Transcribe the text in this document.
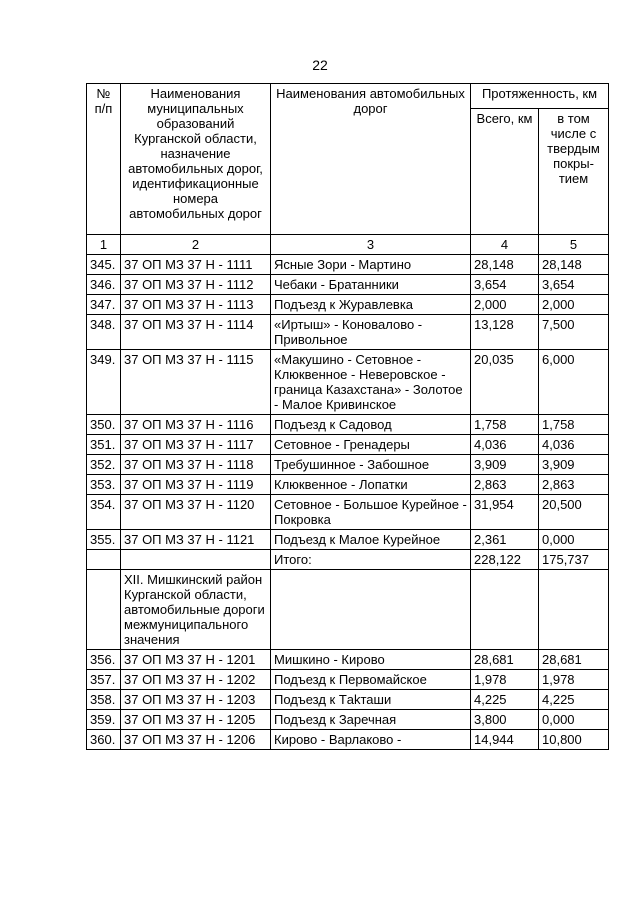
22
№ п/п	Наименования муниципальных образований Курганской области, назначение автомобильных дорог, идентификационные номера автомобильных дорог	Наименования автомобильных дорог	Протяженность, км	
			Всего, км	в том числе с твердым покры-тием
1	2	3	4	5
345.	37 ОП МЗ 37 Н - 1111	Ясные Зори - Мартино	28,148	28,148
346.	37 ОП МЗ 37 Н - 1112	Чебаки - Братанники	3,654	3,654
347.	37 ОП МЗ 37 Н - 1113	Подъезд к Журавлевка	2,000	2,000
348.	37 ОП МЗ 37 Н - 1114	«Иртыш» - Коновалово - Привольное	13,128	7,500
349.	37 ОП МЗ 37 Н - 1115	«Макушино - Сетовное - Клюквенное - Неверовское - граница Казахстана» - Золотое - Малое Кривинское	20,035	6,000
350.	37 ОП МЗ 37 Н - 1116	Подъезд к Садовод	1,758	1,758
351.	37 ОП МЗ 37 Н - 1117	Сетовное - Гренадеры	4,036	4,036
352.	37 ОП МЗ 37 Н - 1118	Требушинное - Забошное	3,909	3,909
353.	37 ОП МЗ 37 Н - 1119	Клюквенное - Лопатки	2,863	2,863
354.	37 ОП МЗ 37 Н - 1120	Сетовное - Большое Курейное - Покровка	31,954	20,500
355.	37 ОП МЗ 37 Н - 1121	Подъезд к Малое Курейное	2,361	0,000
		Итого:	228,122	175,737
	XII. Мишкинский район Курганской области, автомобильные дороги межмуниципального значения			
356.	37 ОП МЗ 37 Н - 1201	Мишкино - Кирово	28,681	28,681
357.	37 ОП МЗ 37 Н - 1202	Подъезд к Первомайское	1,978	1,978
358.	37 ОП МЗ 37 Н - 1203	Подъезд к Тakташи	4,225	4,225
359.	37 ОП МЗ 37 Н - 1205	Подъезд к Заречная	3,800	0,000
360.	37 ОП МЗ 37 Н - 1206	Кирово - Варлаково -	14,944	10,800
